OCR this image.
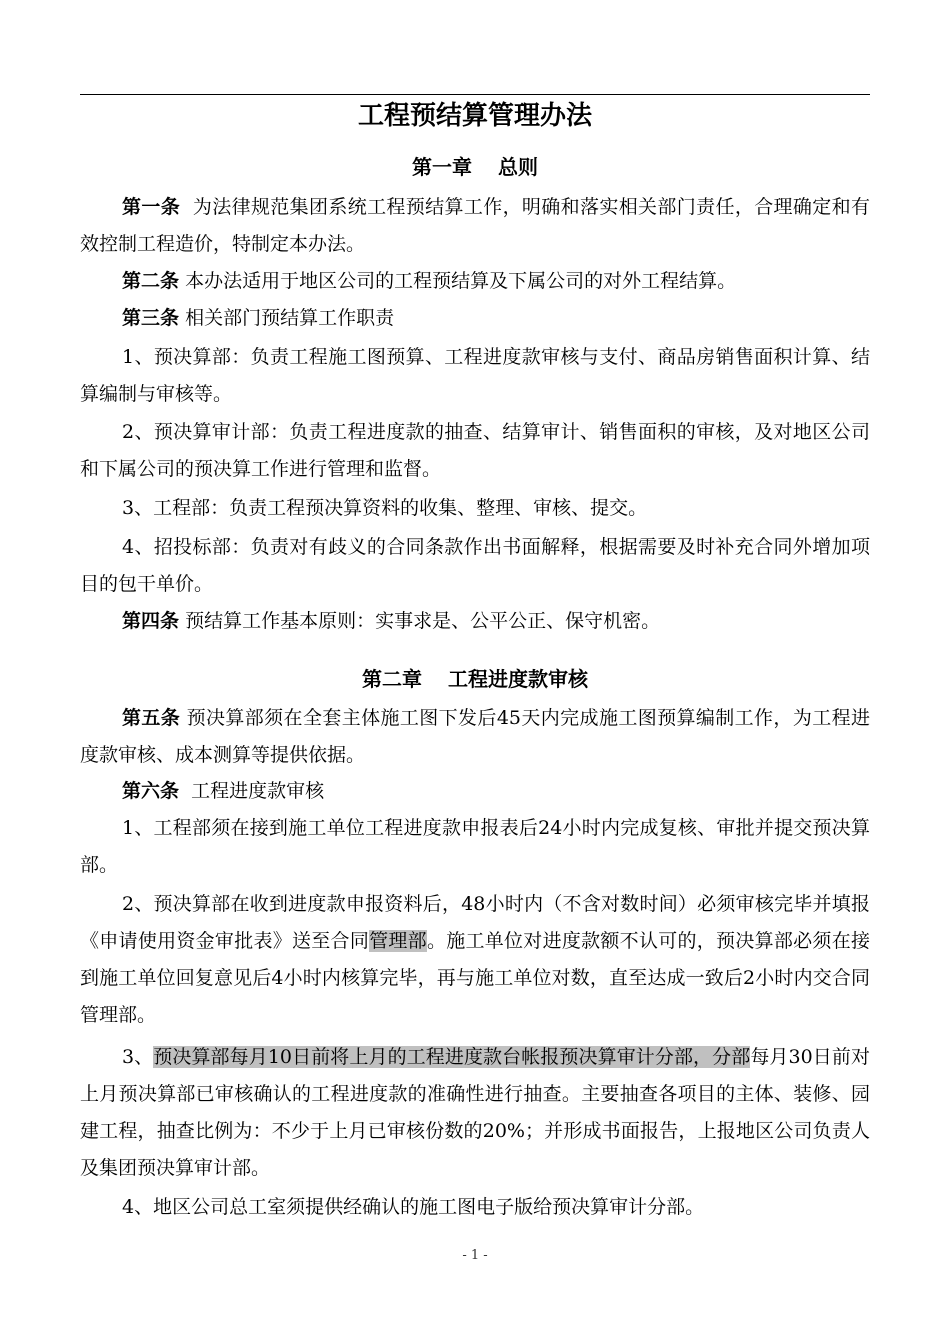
工程预结算管理办法
第一章 总则

第一条 为法律规范集团系统工程预结算工作，明确和落实相关部门责任，合理确定和有效控制工程造价，特制定本办法。

第二条 本办法适用于地区公司的工程预结算及下属公司的对外工程结算。

第三条 相关部门预结算工作职责

1、预决算部：负责工程施工图预算、工程进度款审核与支付、商品房销售面积计算、结算编制与审核等。

2、预决算审计部：负责工程进度款的抽查、结算审计、销售面积的审核，及对地区公司和下属公司的预决算工作进行管理和监督。

3、工程部：负责工程预决算资料的收集、整理、审核、提交。

4、招投标部：负责对有歧义的合同条款作出书面解释，根据需要及时补充合同外增加项目的包干单价。

第四条 预结算工作基本原则：实事求是、公平公正、保守机密。

第二章 工程进度款审核

第五条 预决算部须在全套主体施工图下发后45天内完成施工图预算编制工作，为工程进度款审核、成本测算等提供依据。

第六条 工程进度款审核

1、工程部须在接到施工单位工程进度款申报表后24小时内完成复核、审批并提交预决算部。

2、预决算部在收到进度款申报资料后，48小时内（不含对数时间）必须审核完毕并填报《申请使用资金审批表》送至合同管理部。施工单位对进度款额不认可的，预决算部必须在接到施工单位回复意见后4小时内核算完毕，再与施工单位对数，直至达成一致后2小时内交合同管理部。

3、预决算部每月10日前将上月的工程进度款台帐报预决算审计分部，分部每月30日前对上月预决算部已审核确认的工程进度款的准确性进行抽查。主要抽查各项目的主体、装修、园建工程，抽查比例为：不少于上月已审核份数的20%；并形成书面报告，上报地区公司负责人及集团预决算审计部。

4、地区公司总工室须提供经确认的施工图电子版给预决算审计分部。

- 1 -
